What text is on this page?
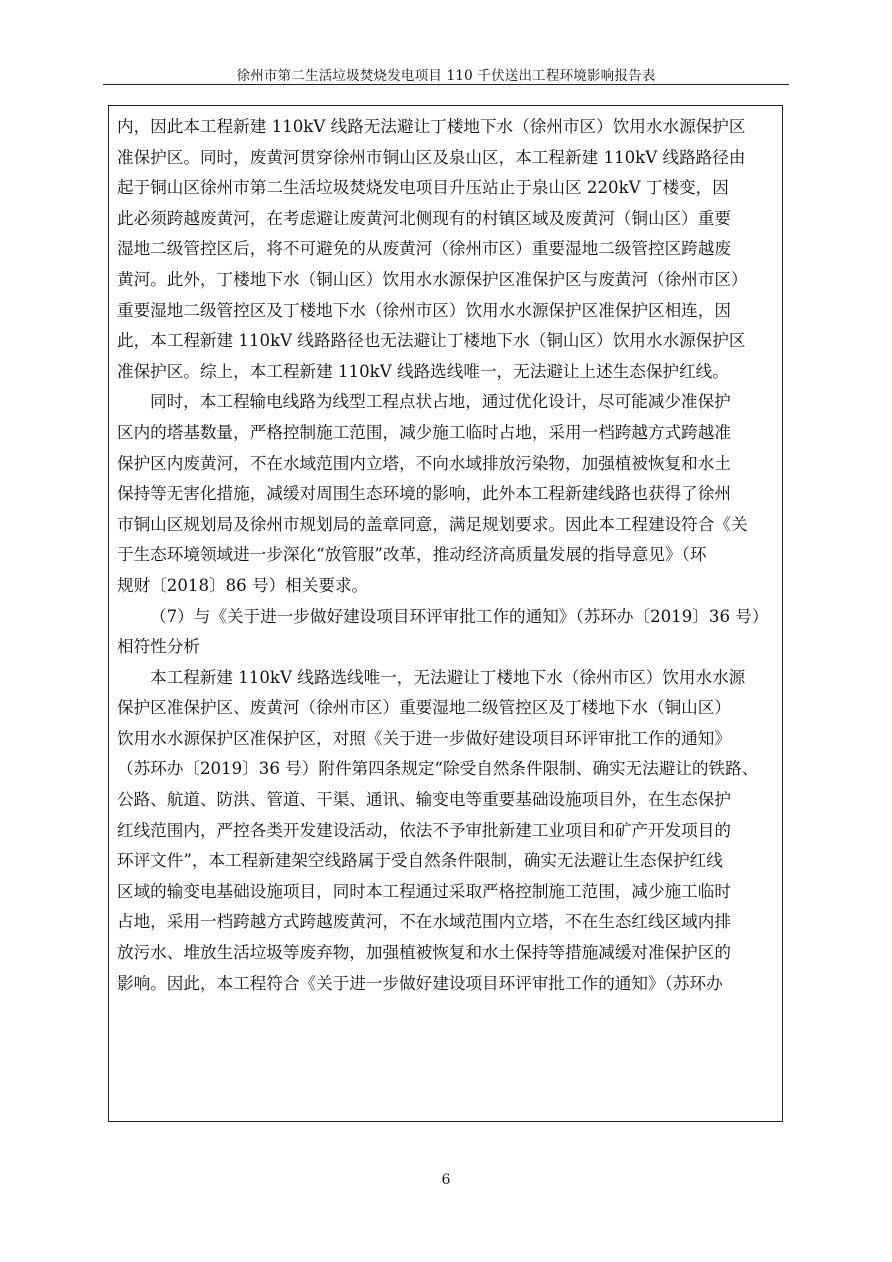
徐州市第二生活垃圾焚烧发电项目 110 千伏送出工程环境影响报告表
内，因此本工程新建 110kV 线路无法避让丁楼地下水（徐州市区）饮用水水源保护区
准保护区。同时，废黄河贯穿徐州市铜山区及泉山区，本工程新建 110kV 线路路径由
起于铜山区徐州市第二生活垃圾焚烧发电项目升压站止于泉山区 220kV 丁楼变，因
此必须跨越废黄河，在考虑避让废黄河北侧现有的村镇区域及废黄河（铜山区）重要
湿地二级管控区后，将不可避免的从废黄河（徐州市区）重要湿地二级管控区跨越废
黄河。此外，丁楼地下水（铜山区）饮用水水源保护区准保护区与废黄河（徐州市区）
重要湿地二级管控区及丁楼地下水（徐州市区）饮用水水源保护区准保护区相连，因
此，本工程新建 110kV 线路路径也无法避让丁楼地下水（铜山区）饮用水水源保护区
准保护区。综上，本工程新建 110kV 线路选线唯一，无法避让上述生态保护红线。
同时，本工程输电线路为线型工程点状占地，通过优化设计，尽可能减少准保护
区内的塔基数量，严格控制施工范围，减少施工临时占地，采用一档跨越方式跨越准
保护区内废黄河，不在水域范围内立塔，不向水域排放污染物，加强植被恢复和水土
保持等无害化措施，减缓对周围生态环境的影响，此外本工程新建线路也获得了徐州
市铜山区规划局及徐州市规划局的盖章同意，满足规划要求。因此本工程建设符合《关
于生态环境领域进一步深化“放管服”改革，推动经济高质量发展的指导意见》（环
规财〔2018〕86 号）相关要求。
（7）与《关于进一步做好建设项目环评审批工作的通知》（苏环办〔2019〕36 号）
相符性分析
本工程新建 110kV 线路选线唯一，无法避让丁楼地下水（徐州市区）饮用水水源
保护区准保护区、废黄河（徐州市区）重要湿地二级管控区及丁楼地下水（铜山区）
饮用水水源保护区准保护区，对照《关于进一步做好建设项目环评审批工作的通知》
（苏环办〔2019〕36 号）附件第四条规定“除受自然条件限制、确实无法避让的铁路、
公路、航道、防洪、管道、干渠、通讯、输变电等重要基础设施项目外，在生态保护
红线范围内，严控各类开发建设活动，依法不予审批新建工业项目和矿产开发项目的
环评文件”，本工程新建架空线路属于受自然条件限制，确实无法避让生态保护红线
区域的输变电基础设施项目，同时本工程通过采取严格控制施工范围，减少施工临时
占地，采用一档跨越方式跨越废黄河，不在水域范围内立塔，不在生态红线区域内排
放污水、堆放生活垃圾等废弃物，加强植被恢复和水土保持等措施减缓对准保护区的
影响。因此，本工程符合《关于进一步做好建设项目环评审批工作的通知》（苏环办
6
